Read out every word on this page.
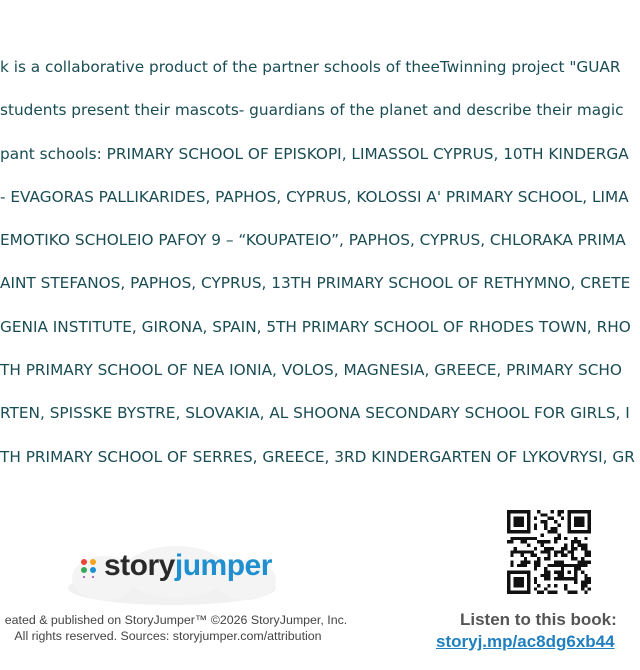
k is a collaborative product of the partner schools of theeTwinning project "GUAR
students present their mascots- guardians of the planet and describe their magic
pant schools: PRIMARY SCHOOL OF EPISKOPI, LIMASSOL CYPRUS, 10TH KINDERGA
- EVAGORAS PALLIKARIDES, PAPHOS, CYPRUS, KOLOSSI A' PRIMARY SCHOOL, LIMA
EMOTIKO SCHOLEIO PAFOY 9 – “KOUPATEIO”, PAPHOS, CYPRUS, CHLORAKA PRIMA
AINT STEFANOS, PAPHOS, CYPRUS, 13TH PRIMARY SCHOOL OF RETHYMNO, CRETE
GENIA INSTITUTE, GIRONA, SPAIN, 5TH PRIMARY SCHOOL OF RHODES TOWN, RHO
TH PRIMARY SCHOOL OF NEA IONIA, VOLOS, MAGNESIA, GREECE, PRIMARY SCHO
RTEN, SPISSKE BYSTRE, SLOVAKIA, AL SHOONA SECONDARY SCHOOL FOR GIRLS, I
TH PRIMARY SCHOOL OF SERRES, GREECE, 3RD KINDERGARTEN OF LYKOVRYSI, GR
storyjumper
eated & published on StoryJumper™ ©2026 StoryJumper, Inc.
All rights reserved. Sources: storyjumper.com/attribution
Listen to this book:
storyj.mp/ac8dg6xb44
